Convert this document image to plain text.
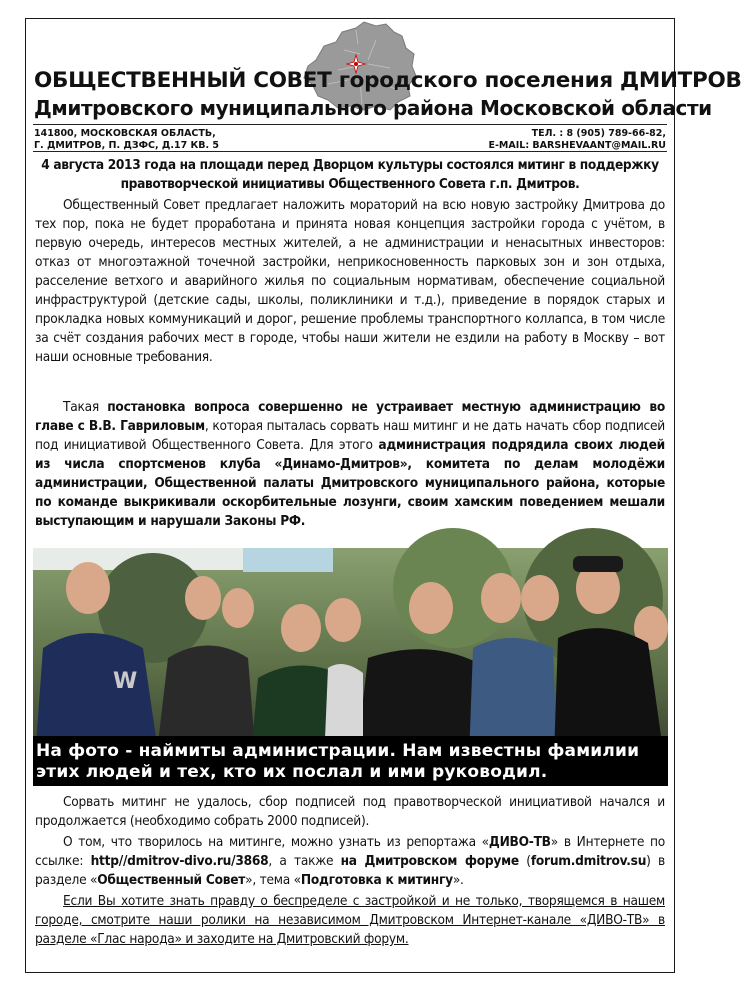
ОБЩЕСТВЕННЫЙ СОВЕТ городского поселения ДМИТРОВ
Дмитровского муниципального района Московской области
141800, МОСКОВСКАЯ ОБЛАСТЬ,
Г. ДМИТРОВ, П. ДЗФС, Д.17 КВ. 5
ТЕЛ. : 8 (905) 789-66-82,
E-MAIL: BARSHEVAANT@MAIL.RU

4 августа 2013 года на площади перед Дворцом культуры состоялся митинг в поддержку правотворческой инициативы Общественного Совета г.п. Дмитров.

Общественный Совет предлагает наложить мораторий на всю новую застройку Дмитрова до тех пор, пока не будет проработана и принята новая концепция застройки города с учётом, в первую очередь, интересов местных жителей, а не администрации и ненасытных инвесторов: отказ от многоэтажной точечной застройки, неприкосновенность парковых зон и зон отдыха, расселение ветхого и аварийного жилья по социальным нормативам, обеспечение социальной инфраструктурой (детские сады, школы, поликлиники и т.д.), приведение в порядок старых и прокладка новых коммуникаций и дорог, решение проблемы транспортного коллапса, в том числе за счёт создания рабочих мест в городе, чтобы наши жители не ездили на работу в Москву – вот наши основные требования.

Такая постановка вопроса совершенно не устраивает местную администрацию во главе с В.В. Гавриловым, которая пыталась сорвать наш митинг и не дать начать сбор подписей под инициативой Общественного Совета. Для этого администрация подрядила своих людей из числа спортсменов клуба «Динамо-Дмитров», комитета по делам молодёжи администрации, Общественной палаты Дмитровского муниципального района, которые по команде выкрикивали оскорбительные лозунги, своим хамским поведением мешали выступающим и нарушали Законы РФ.

W
На фото - наймиты администрации. Нам известны фамилии
этих людей и тех, кто их послал и ими руководил.

Сорвать митинг не удалось, сбор подписей под правотворческой инициативой начался и продолжается (необходимо собрать 2000 подписей).

О том, что творилось на митинге, можно узнать из репортажа «ДИВО-ТВ» в Интернете по ссылке: http//dmitrov-divo.ru/3868, а также на Дмитровском форуме (forum.dmitrov.su) в разделе «Общественный Совет», тема «Подготовка к митингу».

Если Вы хотите знать правду о беспределе с застройкой и не только, творящемся в нашем городе, смотрите наши ролики на независимом Дмитровском Интернет-канале «ДИВО-ТВ» в разделе «Глас народа» и заходите на Дмитровский форум.
